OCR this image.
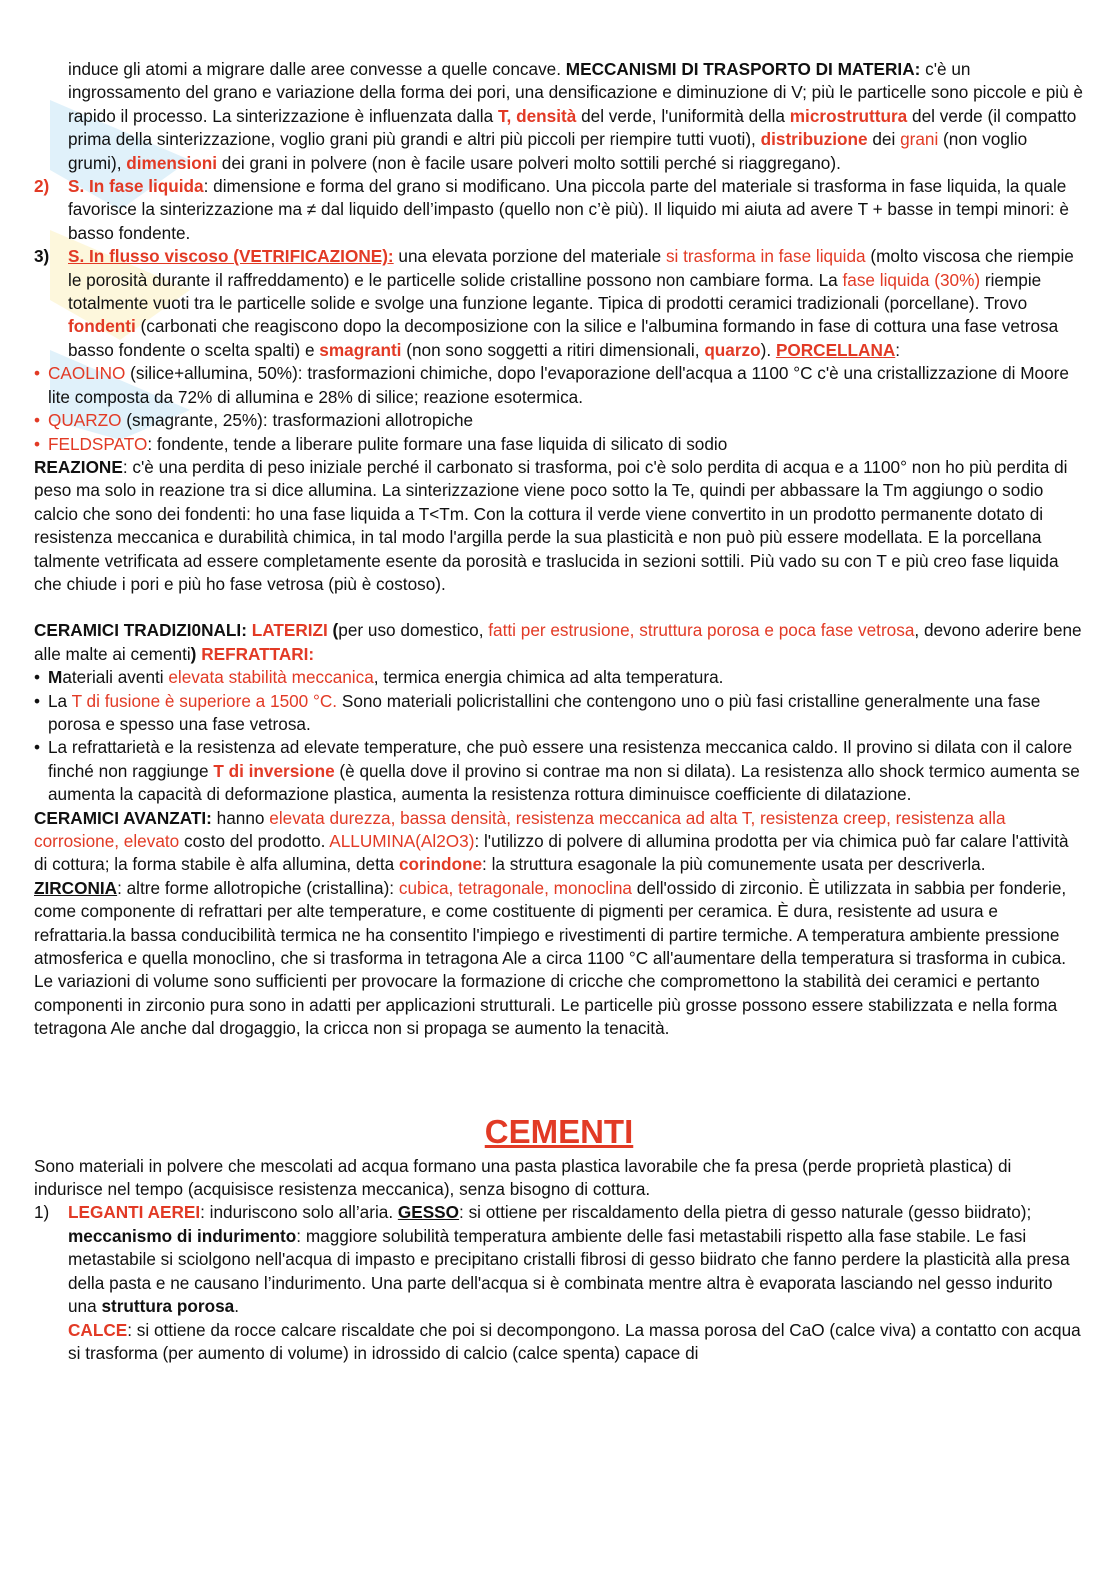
induce gli atomi a migrare dalle aree convesse a quelle concave. MECCANISMI DI TRASPORTO DI MATERIA: c'è un ingrossamento del grano e variazione della forma dei pori, una densificazione e diminuzione di V; più le particelle sono piccole e più è rapido il processo. La sinterizzazione è influenzata dalla T, densità del verde, l'uniformità della microstruttura del verde (il compatto prima della sinterizzazione, voglio grani più grandi e altri più piccoli per riempire tutti vuoti), distribuzione dei grani (non voglio grumi), dimensioni dei grani in polvere (non è facile usare polveri molto sottili perché si riaggregano).

2)	S. In fase liquida: dimensione e forma del grano si modificano. Una piccola parte del materiale si trasforma in fase liquida, la quale favorisce la sinterizzazione ma ≠ dal liquido dell’impasto (quello non c’è più). Il liquido mi aiuta ad avere T + basse in tempi minori: è basso fondente.
3)	S. In flusso viscoso (VETRIFICAZIONE): una elevata porzione del materiale si trasforma in fase liquida (molto viscosa che riempie le porosità durante il raffreddamento) e le particelle solide cristalline possono non cambiare forma. La fase liquida (30%) riempie totalmente vuoti tra le particelle solide e svolge una funzione legante. Tipica di prodotti ceramici tradizionali (porcellane). Trovo fondenti (carbonati che reagiscono dopo la decomposizione con la silice e l'albumina formando in fase di cottura una fase vetrosa basso fondente o scelta spalti) e smagranti (non sono soggetti a ritiri dimensionali, quarzo). PORCELLANA:
• CAOLINO (silice+allumina, 50%): trasformazioni chimiche, dopo l'evaporazione dell'acqua a 1100 °C c'è una cristallizzazione di Moore lite composta da 72% di allumina e 28% di silice; reazione esotermica.
• QUARZO (smagrante, 25%): trasformazioni allotropiche
• FELDSPATO: fondente, tende a liberare pulite formare una fase liquida di silicato di sodio

REAZIONE: c'è una perdita di peso iniziale perché il carbonato si trasforma, poi c'è solo perdita di acqua e a 1100° non ho più perdita di peso ma solo in reazione tra si dice allumina. La sinterizzazione viene poco sotto la Te, quindi per abbassare la Tm aggiungo o sodio calcio che sono dei fondenti: ho una fase liquida a T<Tm. Con la cottura il verde viene convertito in un prodotto permanente dotato di resistenza meccanica e durabilità chimica, in tal modo l'argilla perde la sua plasticità e non può più essere modellata. E la porcellana talmente vetrificata ad essere completamente esente da porosità e traslucida in sezioni sottili. Più vado su con T e più creo fase liquida che chiude i pori e più ho fase vetrosa (più è costoso).

CERAMICI TRADIZI0NALI: LATERIZI (per uso domestico, fatti per estrusione, struttura porosa e poca fase vetrosa, devono aderire bene alle malte ai cementi) REFRATTARI:

• Materiali aventi elevata stabilità meccanica, termica energia chimica ad alta temperatura.
• La T di fusione è superiore a 1500 °C. Sono materiali policristallini che contengono uno o più fasi cristalline generalmente una fase porosa e spesso una fase vetrosa.
• La refrattarietà e la resistenza ad elevate temperature, che può essere una resistenza meccanica caldo. Il provino si dilata con il calore finché non raggiunge T di inversione (è quella dove il provino si contrae ma non si dilata). La resistenza allo shock termico aumenta se aumenta la capacità di deformazione plastica, aumenta la resistenza rottura diminuisce coefficiente di dilatazione.

CERAMICI AVANZATI: hanno elevata durezza, bassa densità, resistenza meccanica ad alta T, resistenza creep, resistenza alla corrosione, elevato costo del prodotto. ALLUMINA(Al2O3): l'utilizzo di polvere di allumina prodotta per via chimica può far calare l'attività di cottura; la forma stabile è alfa allumina, detta corindone: la struttura esagonale la più comunemente usata per descriverla.

ZIRCONIA: altre forme allotropiche (cristallina): cubica, tetragonale, monoclina dell'ossido di zirconio. È utilizzata in sabbia per fonderie, come componente di refrattari per alte temperature, e come costituente di pigmenti per ceramica. È dura, resistente ad usura e refrattaria.la bassa conducibilità termica ne ha consentito l'impiego e rivestimenti di partire termiche. A temperatura ambiente pressione atmosferica e quella monoclino, che si trasforma in tetragona Ale a circa 1100 °C all'aumentare della temperatura si trasforma in cubica. Le variazioni di volume sono sufficienti per provocare la formazione di cricche che compromettono la stabilità dei ceramici e pertanto componenti in zirconio pura sono in adatti per applicazioni strutturali. Le particelle più grosse possono essere stabilizzata e nella forma tetragona Ale anche dal drogaggio, la cricca non si propaga se aumento la tenacità.

CEMENTI

Sono materiali in polvere che mescolati ad acqua formano una pasta plastica lavorabile che fa presa (perde proprietà plastica) di indurisce nel tempo (acquisisce resistenza meccanica), senza bisogno di cottura.

1)	LEGANTI AEREI: induriscono solo all’aria. GESSO: si ottiene per riscaldamento della pietra di gesso naturale (gesso biidrato); meccanismo di indurimento: maggiore solubilità temperatura ambiente delle fasi metastabili rispetto alla fase stabile. Le fasi metastabile si sciolgono nell'acqua di impasto e precipitano cristalli fibrosi di gesso biidrato che fanno perdere la plasticità alla presa della pasta e ne causano l’indurimento. Una parte dell'acqua si è combinata mentre altra è evaporata lasciando nel gesso indurito una struttura porosa.

CALCE: si ottiene da rocce calcare riscaldate che poi si decompongono. La massa porosa del CaO (calce viva) a contatto con acqua si trasforma (per aumento di volume) in idrossido di calcio (calce spenta) capace di
